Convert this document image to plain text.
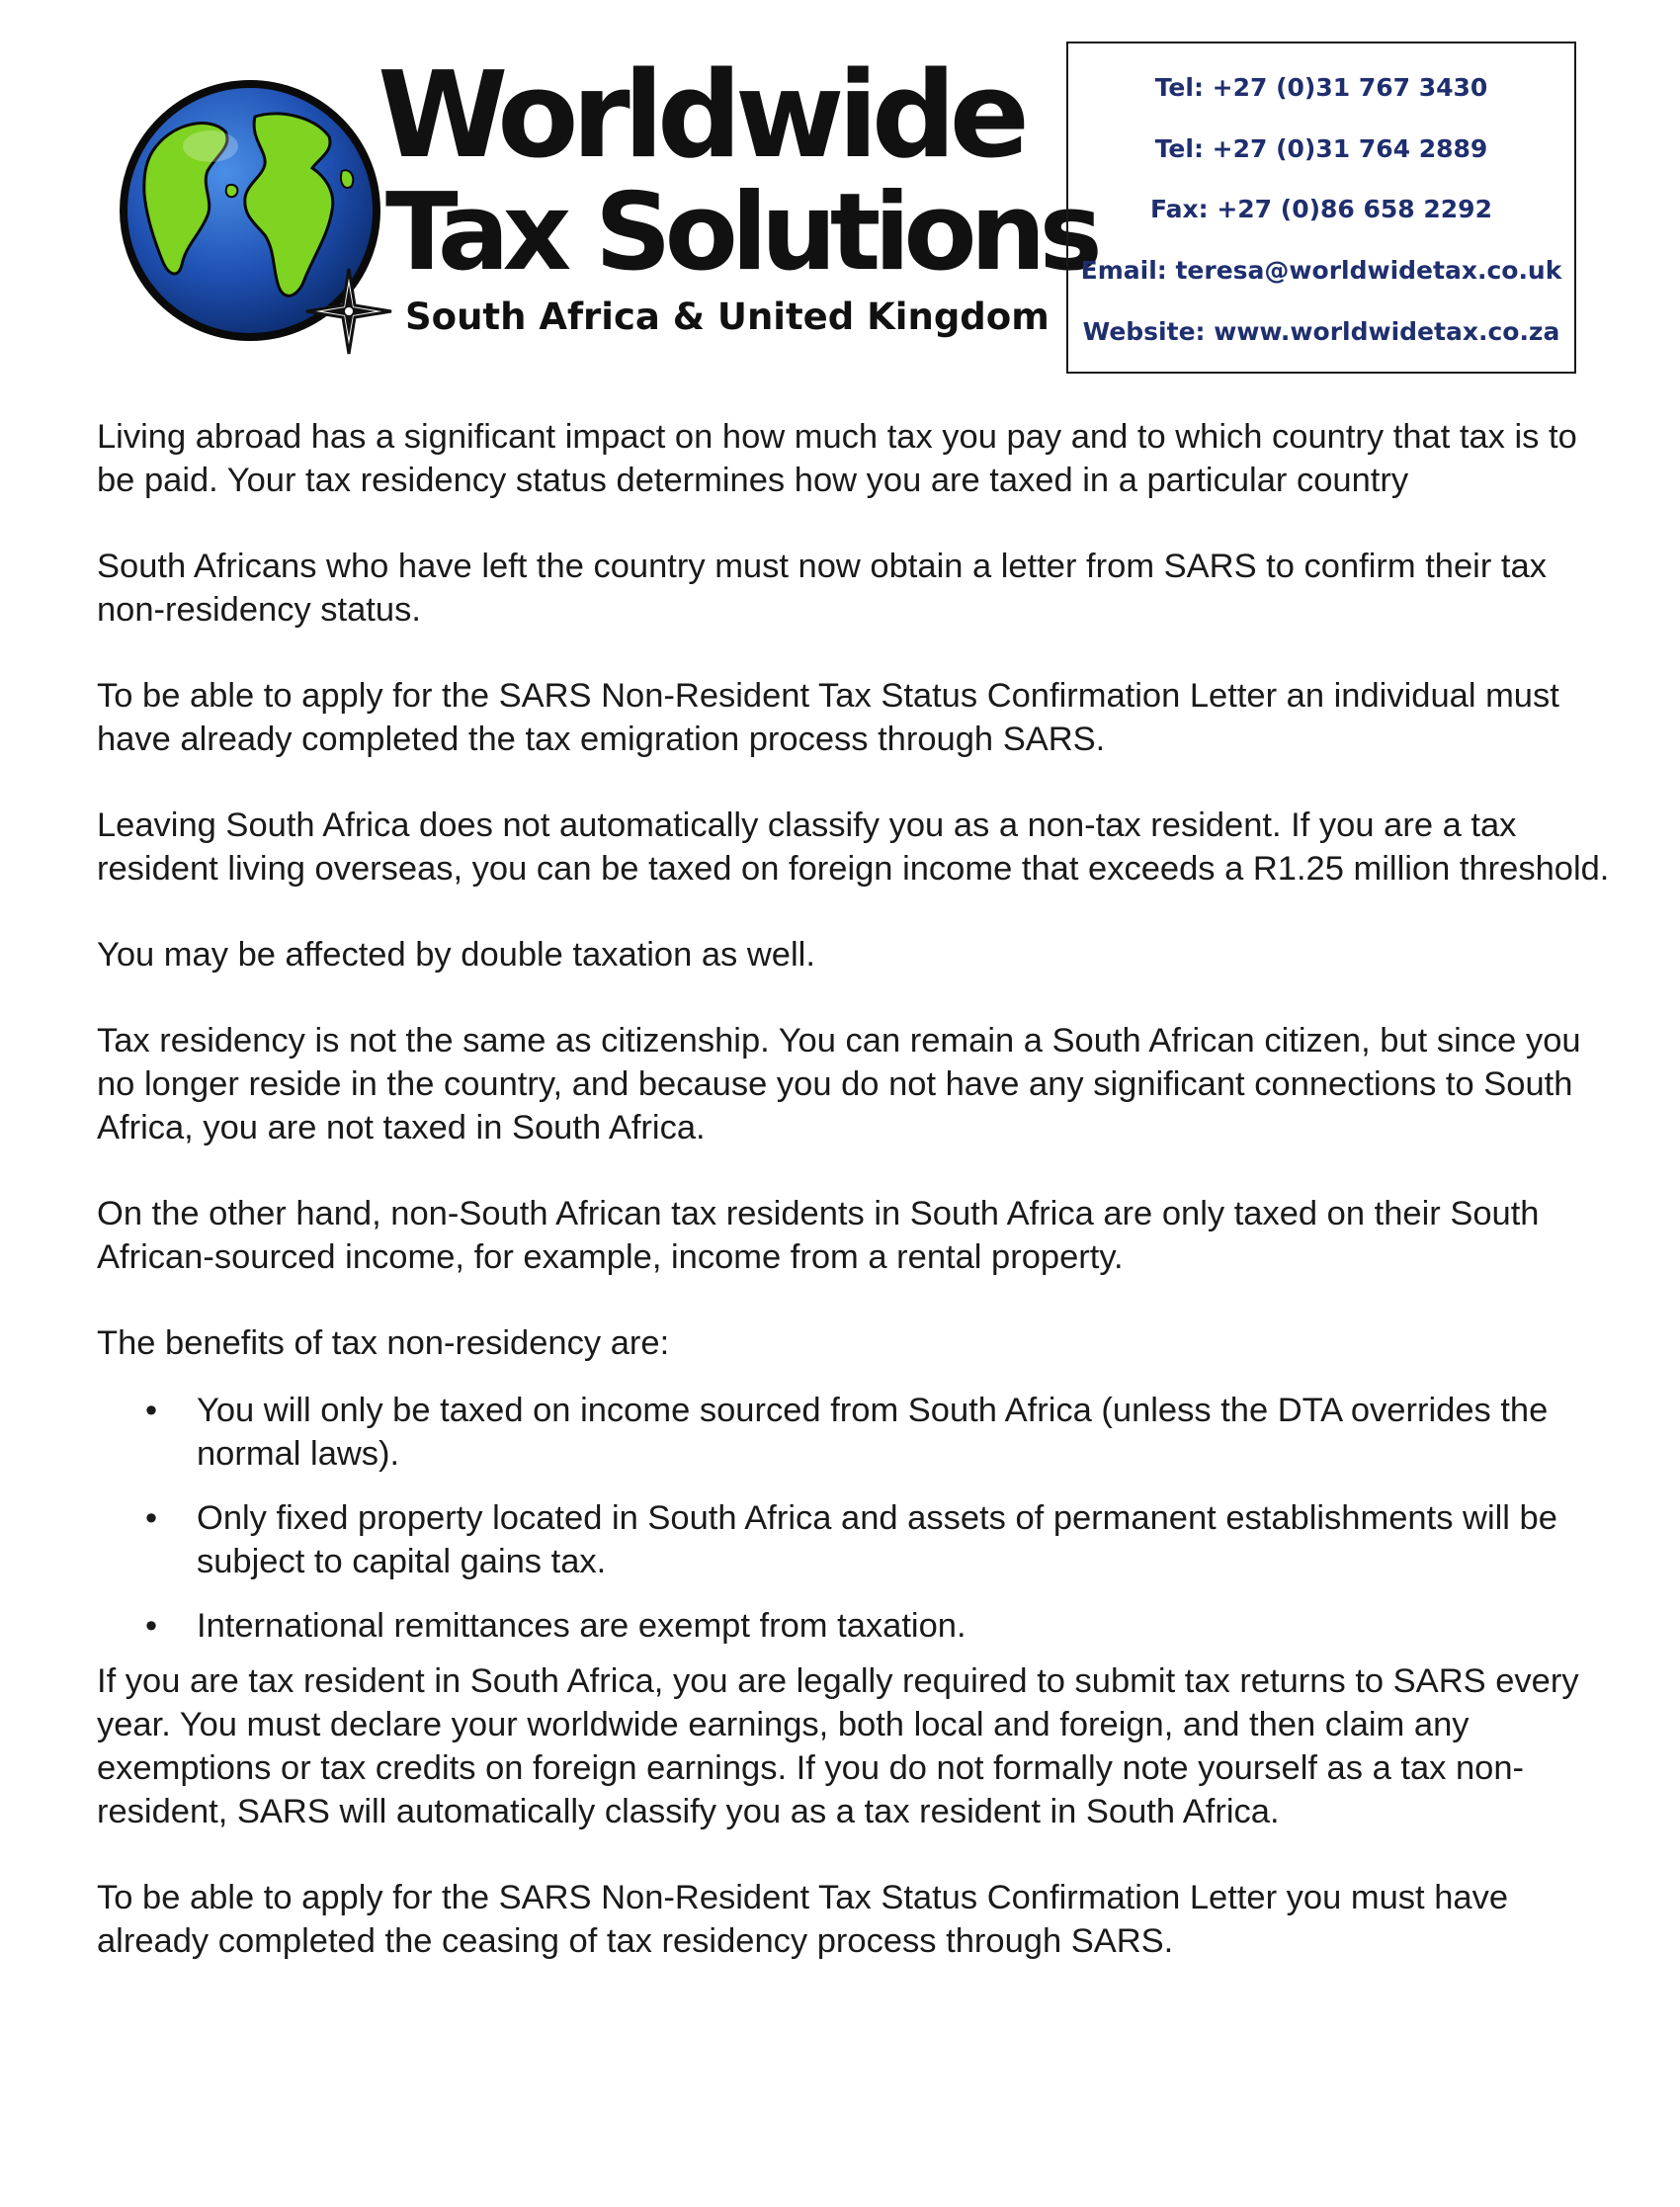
Worldwide
Tax Solutions
South Africa & United Kingdom
Tel: +27 (0)31 767 3430
Tel: +27 (0)31 764 2889
Fax: +27 (0)86 658 2292
Email: teresa@worldwidetax.co.uk
Website: www.worldwidetax.co.za

Living abroad has a significant impact on how much tax you pay and to which country that tax is to be paid. Your tax residency status determines how you are taxed in a particular country

South Africans who have left the country must now obtain a letter from SARS to confirm their tax non-residency status.

To be able to apply for the SARS Non-Resident Tax Status Confirmation Letter an individual must have already completed the tax emigration process through SARS.

Leaving South Africa does not automatically classify you as a non-tax resident. If you are a tax resident living overseas, you can be taxed on foreign income that exceeds a R1.25 million threshold.

You may be affected by double taxation as well.

Tax residency is not the same as citizenship. You can remain a South African citizen, but since you no longer reside in the country, and because you do not have any significant connections to South Africa, you are not taxed in South Africa.

On the other hand, non-South African tax residents in South Africa are only taxed on their South African-sourced income, for example, income from a rental property.

The benefits of tax non-residency are:

• You will only be taxed on income sourced from South Africa (unless the DTA overrides the normal laws).
• Only fixed property located in South Africa and assets of permanent establishments will be subject to capital gains tax.
• International remittances are exempt from taxation.

If you are tax resident in South Africa, you are legally required to submit tax returns to SARS every year. You must declare your worldwide earnings, both local and foreign, and then claim any exemptions or tax credits on foreign earnings. If you do not formally note yourself as a tax non-resident, SARS will automatically classify you as a tax resident in South Africa.

To be able to apply for the SARS Non-Resident Tax Status Confirmation Letter you must have already completed the ceasing of tax residency process through SARS.
